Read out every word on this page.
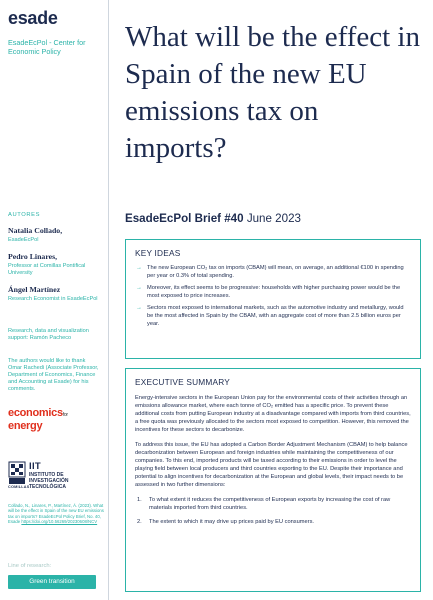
esade
EsadeEcPol - Center for Economic Policy
AUTORES
Natalia Collado,
EsadeEcPol
Pedro Linares,
Professor at Comillas Pontifical University
Ángel Martínez
Research Economist in EsadeEcPol
Research, data and visualization support: Ramón Pacheco
The authors would like to thank Omar Rachedi (Associate Professor, Department of Economics, Finance and Accounting at Esade) for his comments.
economicsfor
energy
COMILLAS
IIT
INSTITUTO DE
INVESTIGACIÓN
TECNOLÓGICA
Collado, N., Linares, P., Martínez, Á. (2023). What will be the effect in Spain of the new EU emissions tax on imports? EsadeEcPol Policy Brief, No. 40, Esade https://doi.org/10.56269/20230608/NCV
Line of research:
Green transition
What will be the effect in Spain of the new EU emissions tax on imports?
EsadeEcPol Brief #40 June 2023
KEY IDEAS
→ The new European CO₂ tax on imports (CBAM) will mean, on average, an additional €100 in spending per year or 0.3% of total spending.
→ Moreover, its effect seems to be progressive: households with higher purchasing power would be the most exposed to price increases.
→ Sectors most exposed to international markets, such as the automotive industry and metallurgy, would be the most affected in Spain by the CBAM, with an aggregate cost of more than 2.5 billion euros per year.
EXECUTIVE SUMMARY

Energy-intensive sectors in the European Union pay for the environmental costs of their activities through an emissions allowance market, where each tonne of CO₂ emitted has a specific price. To prevent these additional costs from putting European industry at a disadvantage compared with imports from third countries, a free quota was previously allocated to the sectors most exposed to competition. However, this removed the incentives for these sectors to decarbonize.

To address this issue, the EU has adopted a Carbon Border Adjustment Mechanism (CBAM) to help balance decarbonization between European and foreign industries while maintaining the competitiveness of our companies. To this end, imported products will be taxed according to their emissions in order to level the playing field between local producers and third countries exporting to the EU. Despite their importance and potential to align incentives for decarbonization at the European and global levels, their impact needs to be assessed in two further dimensions:

1. To what extent it reduces the competitiveness of European exports by increasing the cost of raw materials imported from third countries.
2. The extent to which it may drive up prices paid by EU consumers.
